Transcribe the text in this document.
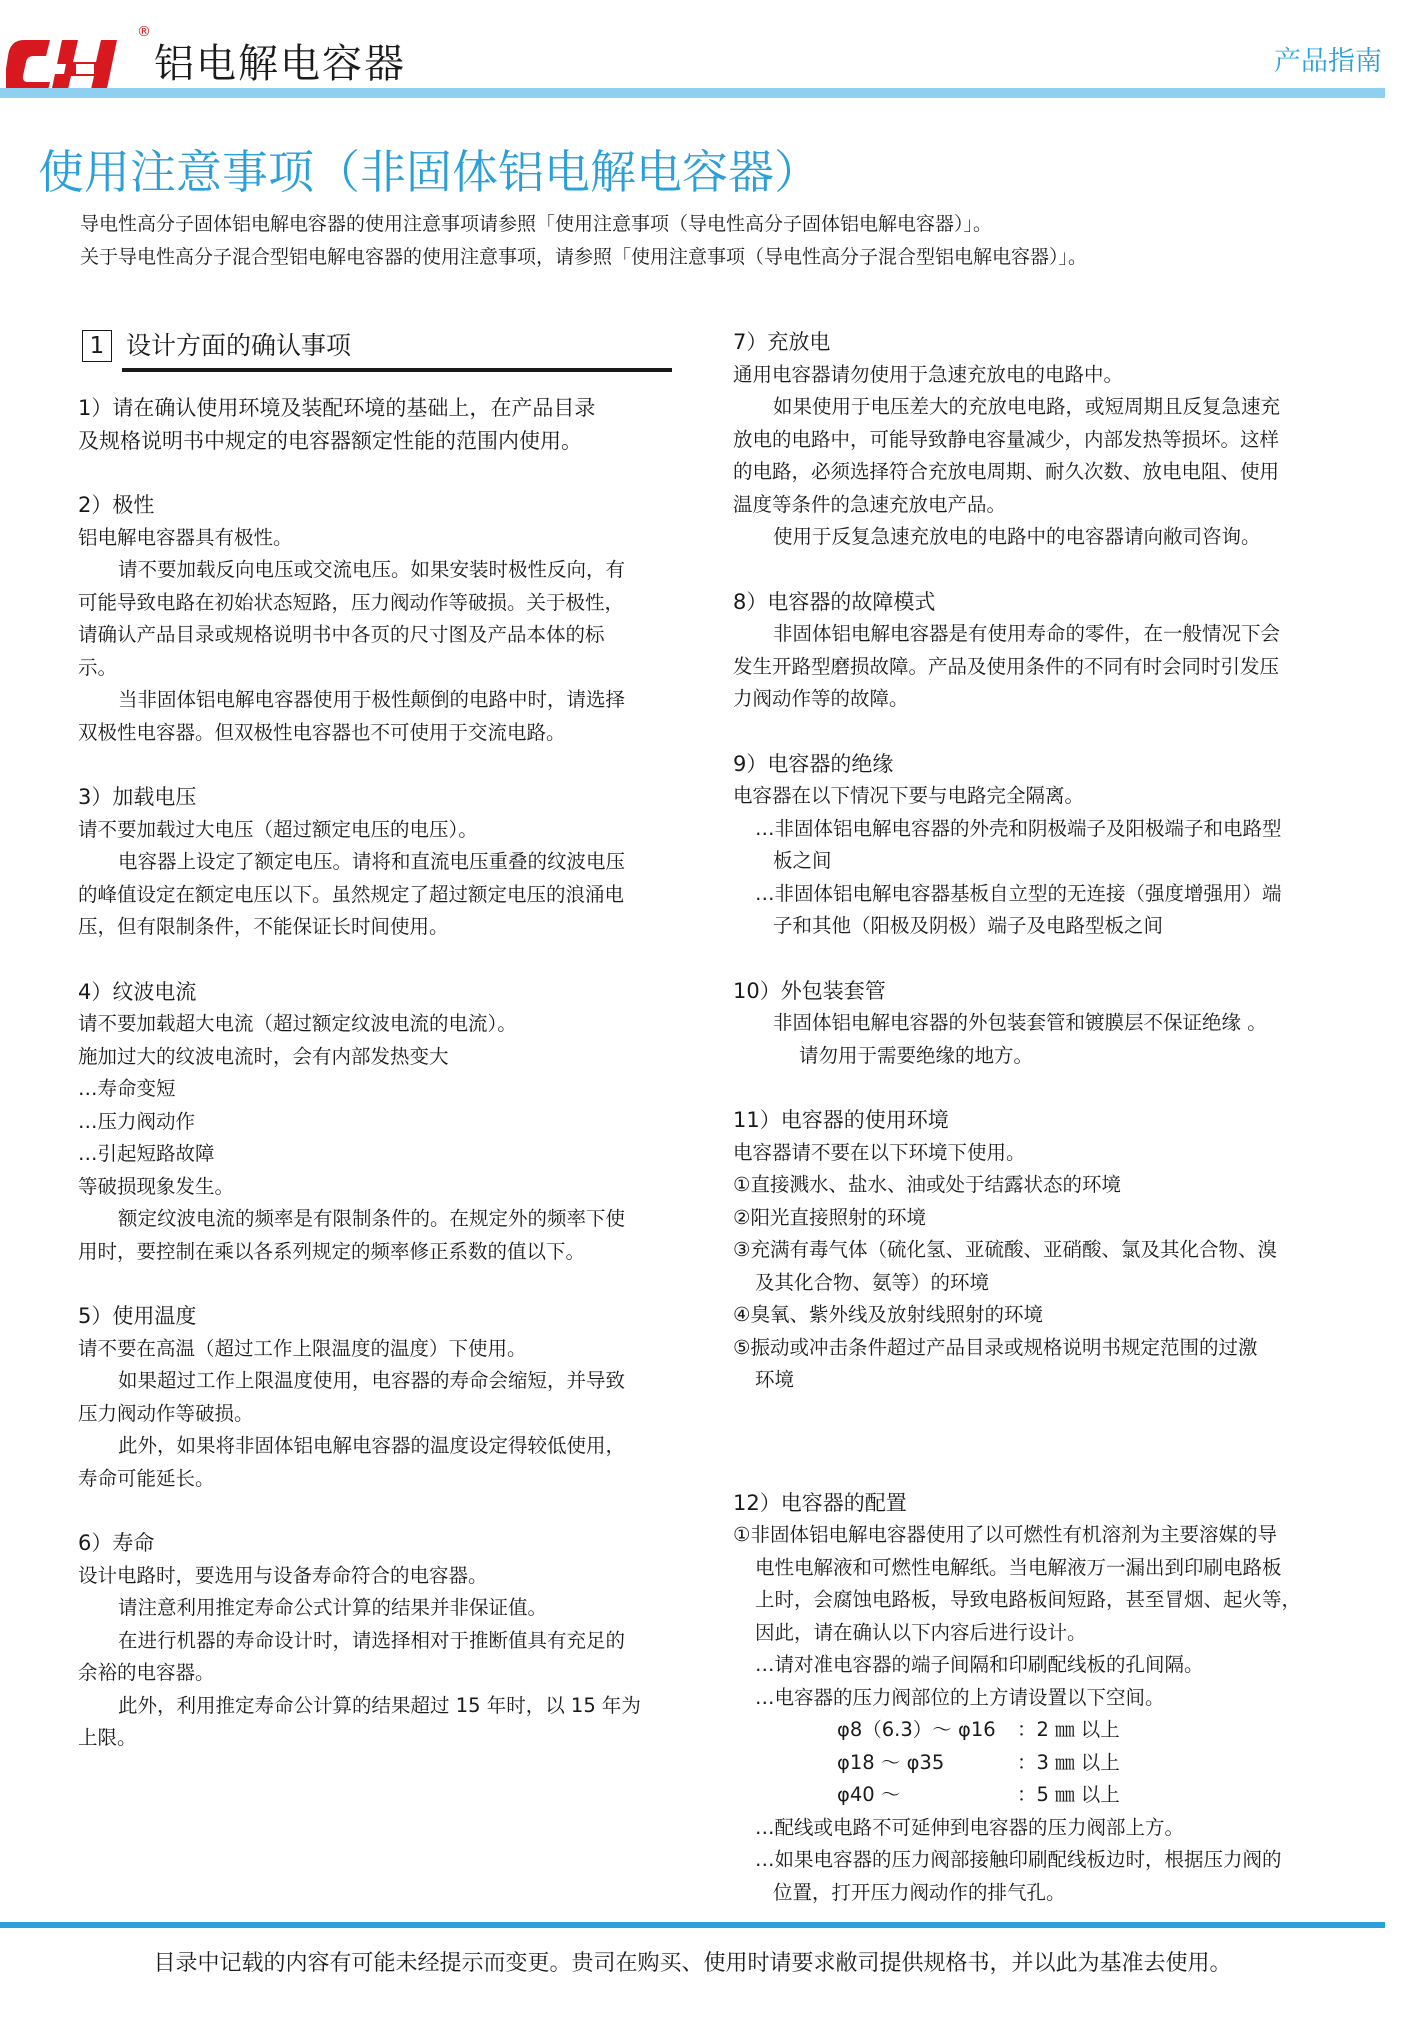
®
铝电解电容器	产品指南
使用注意事项（非固体铝电解电容器）
导电性高分子固体铝电解电容器的使用注意事项请参照「使用注意事项（导电性高分子固体铝电解电容器）」。
关于导电性高分子混合型铝电解电容器的使用注意事项，请参照「使用注意事项（导电性高分子混合型铝电解电容器）」。
1 设计方面的确认事项
1）请在确认使用环境及装配环境的基础上，在产品目录
及规格说明书中规定的电容器额定性能的范围内使用。
2）极性
铝电解电容器具有极性。
请不要加载反向电压或交流电压。如果安装时极性反向，有
可能导致电路在初始状态短路，压力阀动作等破损。关于极性，
请确认产品目录或规格说明书中各页的尺寸图及产品本体的标
示。
当非固体铝电解电容器使用于极性颠倒的电路中时，请选择
双极性电容器。但双极性电容器也不可使用于交流电路。
3）加载电压
请不要加载过大电压（超过额定电压的电压）。
电容器上设定了额定电压。请将和直流电压重叠的纹波电压
的峰值设定在额定电压以下。虽然规定了超过额定电压的浪涌电
压，但有限制条件，不能保证长时间使用。
4）纹波电流
请不要加载超大电流（超过额定纹波电流的电流）。
施加过大的纹波电流时，会有内部发热变大
…寿命变短
…压力阀动作
…引起短路故障
等破损现象发生。
额定纹波电流的频率是有限制条件的。在规定外的频率下使
用时，要控制在乘以各系列规定的频率修正系数的值以下。
5）使用温度
请不要在高温（超过工作上限温度的温度）下使用。
如果超过工作上限温度使用，电容器的寿命会缩短，并导致
压力阀动作等破损。
此外，如果将非固体铝电解电容器的温度设定得较低使用，
寿命可能延长。
6）寿命
设计电路时，要选用与设备寿命符合的电容器。
请注意利用推定寿命公式计算的结果并非保证值。
在进行机器的寿命设计时，请选择相对于推断值具有充足的
余裕的电容器。
此外，利用推定寿命公计算的结果超过 15 年时，以 15 年为
上限。
7）充放电
通用电容器请勿使用于急速充放电的电路中。
如果使用于电压差大的充放电电路，或短周期且反复急速充
放电的电路中，可能导致静电容量减少，内部发热等损坏。这样
的电路，必须选择符合充放电周期、耐久次数、放电电阻、使用
温度等条件的急速充放电产品。
使用于反复急速充放电的电路中的电容器请向敝司咨询。
8）电容器的故障模式
非固体铝电解电容器是有使用寿命的零件，在一般情况下会
发生开路型磨损故障。产品及使用条件的不同有时会同时引发压
力阀动作等的故障。
9）电容器的绝缘
电容器在以下情况下要与电路完全隔离。
…非固体铝电解电容器的外壳和阴极端子及阳极端子和电路型
板之间
…非固体铝电解电容器基板自立型的无连接（强度增强用）端
子和其他（阳极及阴极）端子及电路型板之间
10）外包装套管
非固体铝电解电容器的外包装套管和镀膜层不保证绝缘 。
请勿用于需要绝缘的地方。
11）电容器的使用环境
电容器请不要在以下环境下使用。
①直接溅水、盐水、油或处于结露状态的环境
②阳光直接照射的环境
③充满有毒气体（硫化氢、亚硫酸、亚硝酸、氯及其化合物、溴
及其化合物、氨等）的环境
④臭氧、紫外线及放射线照射的环境
⑤振动或冲击条件超过产品目录或规格说明书规定范围的过激
环境
12）电容器的配置
①非固体铝电解电容器使用了以可燃性有机溶剂为主要溶媒的导
电性电解液和可燃性电解纸。当电解液万一漏出到印刷电路板
上时，会腐蚀电路板，导致电路板间短路，甚至冒烟、起火等，
因此，请在确认以下内容后进行设计。
…请对准电容器的端子间隔和印刷配线板的孔间隔。
…电容器的压力阀部位的上方请设置以下空间。
φ8（6.3）～ φ16 ：2 ㎜ 以上
φ18 ～ φ35	：3 ㎜ 以上
φ40 ～	：5 ㎜ 以上
…配线或电路不可延伸到电容器的压力阀部上方。
…如果电容器的压力阀部接触印刷配线板边时，根据压力阀的
位置，打开压力阀动作的排气孔。
目录中记载的内容有可能未经提示而变更。贵司在购买、使用时请要求敝司提供规格书，并以此为基准去使用。
